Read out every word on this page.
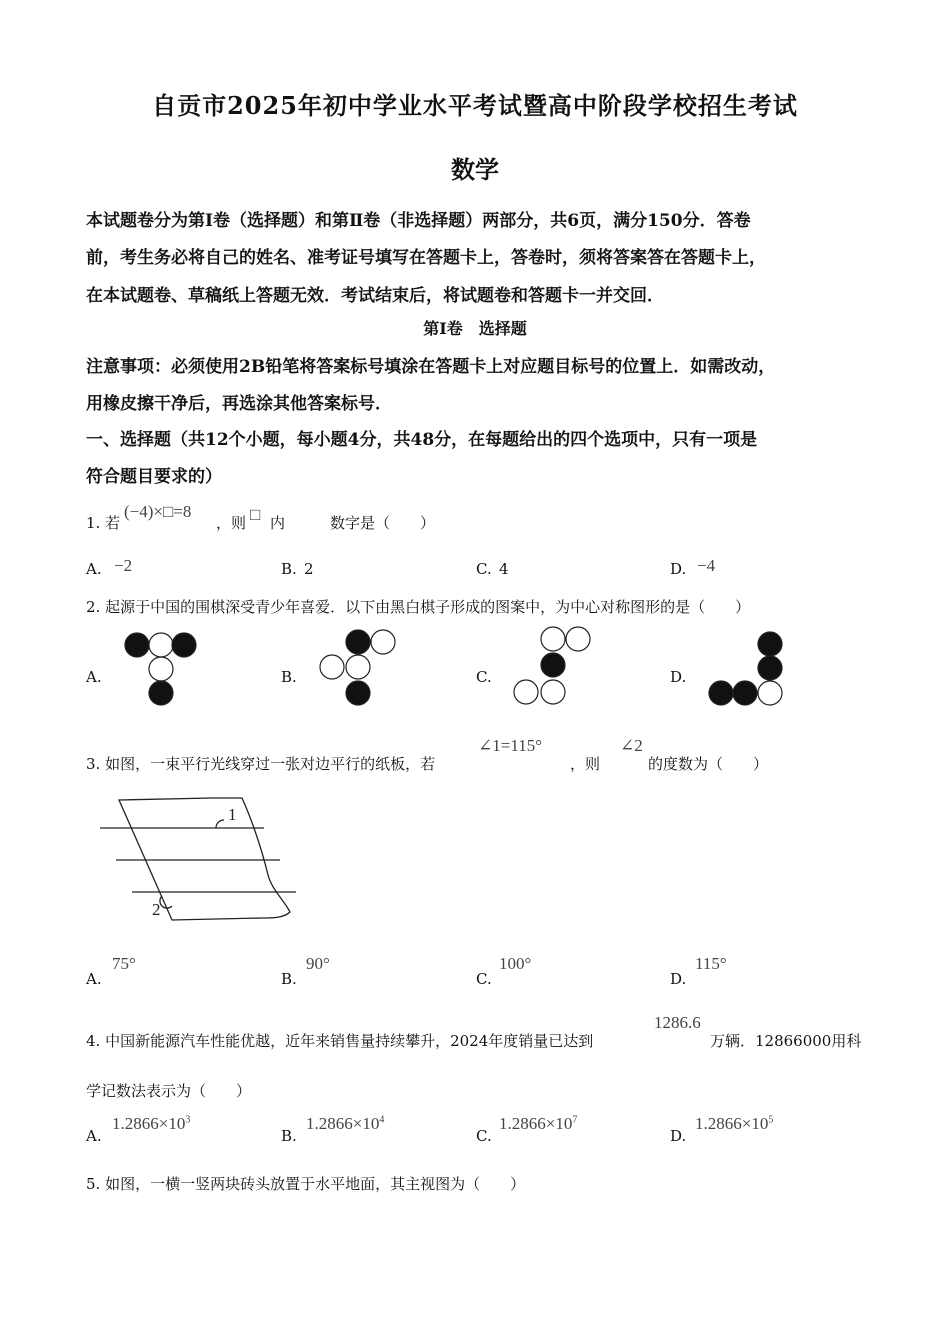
自贡市2025年初中学业水平考试暨高中阶段学校招生考试
数学
本试题卷分为第Ⅰ卷（选择题）和第Ⅱ卷（非选择题）两部分，共6页，满分150分．答卷
前，考生务必将自己的姓名、准考证号填写在答题卡上，答卷时，须将答案答在答题卡上，
在本试题卷、草稿纸上答题无效．考试结束后，将试题卷和答题卡一并交回．
第Ⅰ卷　选择题
注意事项：必须使用2B铅笔将答案标号填涂在答题卡上对应题目标号的位置上．如需改动，
用橡皮擦干净后，再选涂其他答案标号．
一、选择题（共12个小题，每小题4分，共48分，在每题给出的四个选项中，只有一项是
符合题目要求的）
1. 若
(−4)×□=8
，则 □ 内　　　数字是（　　）
A. −2	B. 2	C. 4	D. −4
2. 起源于中国的围棋深受青少年喜爱．以下由黑白棋子形成的图案中，为中心对称图形的是（　　）
A.	B.	C.	D.
3. 如图，一束平行光线穿过一张对边平行的纸板，若
∠1=115°
，则
∠2
的度数为（　　）
1
2
A.
75°
B.
90°
C.
100°
D.
115°
4. 中国新能源汽车性能优越，近年来销售量持续攀升，2024年度销量已达到
1286.6
万辆．12866000用科
学记数法表示为（　　）
A.
$1.2866\times 10^3$
B.
$1.2866\times 10^4$
C.
$1.2866\times 10^7$
D.
$1.2866\times 10^5$
5. 如图，一横一竖两块砖头放置于水平地面，其主视图为（　　）
